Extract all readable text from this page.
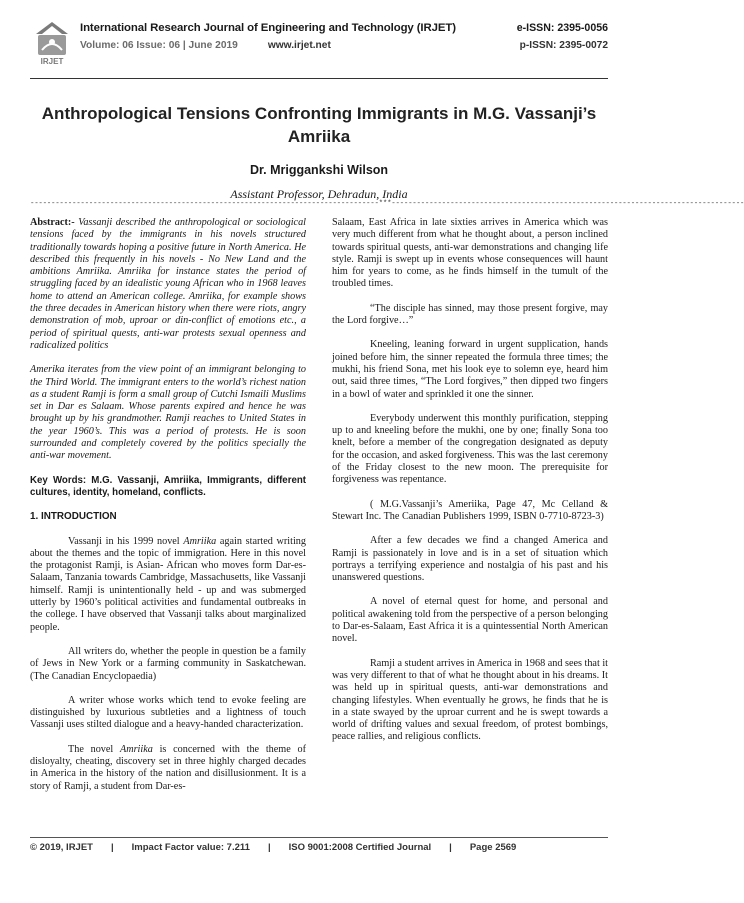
IRJET
International Research Journal of Engineering and Technology (IRJET)	e-ISSN: 2395-0056
Volume: 06 Issue: 06 | June 2019	www.irjet.net	p-ISSN: 2395-0072
Anthropological Tensions Confronting Immigrants in M.G. Vassanji’s Amriika
Dr. Mriggankshi Wilson
Assistant Professor, Dehradun, India
-----------------------------------------------------------------------------------***------------------------------------------------------------------------------------

Abstract:- Vassanji described the anthropological or sociological tensions faced by the immigrants in his novels structured traditionally towards hoping a positive future in North America. He described this frequently in his novels - No New Land and the ambitions Amriika. Amriika for instance states the period of struggling faced by an idealistic young African who in 1968 leaves home to attend an American college. Amriika, for example shows the three decades in American history when there were riots, angry demonstration of mob, uproar or din-conflict of emotions etc., a period of spiritual quests, anti-war protests sexual openness and radicalized politics

Amerika iterates from the view point of an immigrant belonging to the Third World. The immigrant enters to the world’s richest nation as a student Ramji is form a small group of Cutchi Ismaili Muslims set in Dar es Salaam. Whose parents expired and hence he was brought up by his grandmother. Ramji reaches to United States in the year 1960’s. This was a period of protests. He is soon surrounded and completely covered by the politics specially the anti-war movement.

Key Words: M.G. Vassanji, Amriika, Immigrants, different cultures, identity, homeland, conflicts.

1. INTRODUCTION

Vassanji in his 1999 novel Amriika again started writing about the themes and the topic of immigration. Here in this novel the protagonist Ramji, is Asian- African who moves form Dar-es-Salaam, Tanzania towards Cambridge, Massachusetts, like Vassanji himself. Ramji is unintentionally held - up and was submerged utterly by 1960’s political activities and fundamental outbreaks in the college. I have observed that Vassanji talks about marginalized people.

All writers do, whether the people in question be a family of Jews in New York or a farming community in Saskatchewan. (The Canadian Encyclopaedia)

A writer whose works which tend to evoke feeling are distinguished by luxurious subtleties and a lightness of touch Vassanji uses stilted dialogue and a heavy-handed characterization.

The novel Amriika is concerned with the theme of disloyalty, cheating, discovery set in three highly charged decades in America in the history of the nation and disillusionment. It is a story of Ramji, a student from Dar-es-

Salaam, East Africa in late sixties arrives in America which was very much different from what he thought about, a person inclined towards spiritual quests, anti-war demonstrations and changing life style. Ramji is swept up in events whose consequences will haunt him for years to come, as he finds himself in the tumult of the troubled times.

“The disciple has sinned, may those present forgive, may the Lord forgive…”

Kneeling, leaning forward in urgent supplication, hands joined before him, the sinner repeated the formula three times; the mukhi, his friend Sona, met his look eye to solemn eye, heard him out, said three times, “The Lord forgives,” then dipped two fingers in a bowl of water and sprinkled it one the sinner.

Everybody underwent this monthly purification, stepping up to and kneeling before the mukhi, one by one; finally Sona too knelt, before a member of the congregation designated as deputy for the occasion, and asked forgiveness. This was the last ceremony of the Friday closest to the new moon. The prerequisite for forgiveness was repentance.

( M.G.Vassanji’s Ameriika, Page 47, Mc Celland & Stewart Inc. The Canadian Publishers 1999, ISBN 0-7710-8723-3)

After a few decades we find a changed America and Ramji is passionately in love and is in a set of situation which portrays a terrifying experience and nostalgia of his past and his unanswered questions.

A novel of eternal quest for home, and personal and political awakening told from the perspective of a person belonging to Dar-es-Salaam, East Africa it is a quintessential North American novel.

Ramji a student arrives in America in 1968 and sees that it was very different to that of what he thought about in his dreams. It was held up in spiritual quests, anti-war demonstrations and changing lifestyles. When eventually he grows, he finds that he is in a state swayed by the uproar current and he is swept towards a world of drifting values and sexual freedom, of protest bombings, peace rallies, and religious conflicts.

© 2019, IRJET | Impact Factor value: 7.211 | ISO 9001:2008 Certified Journal | Page 2569
